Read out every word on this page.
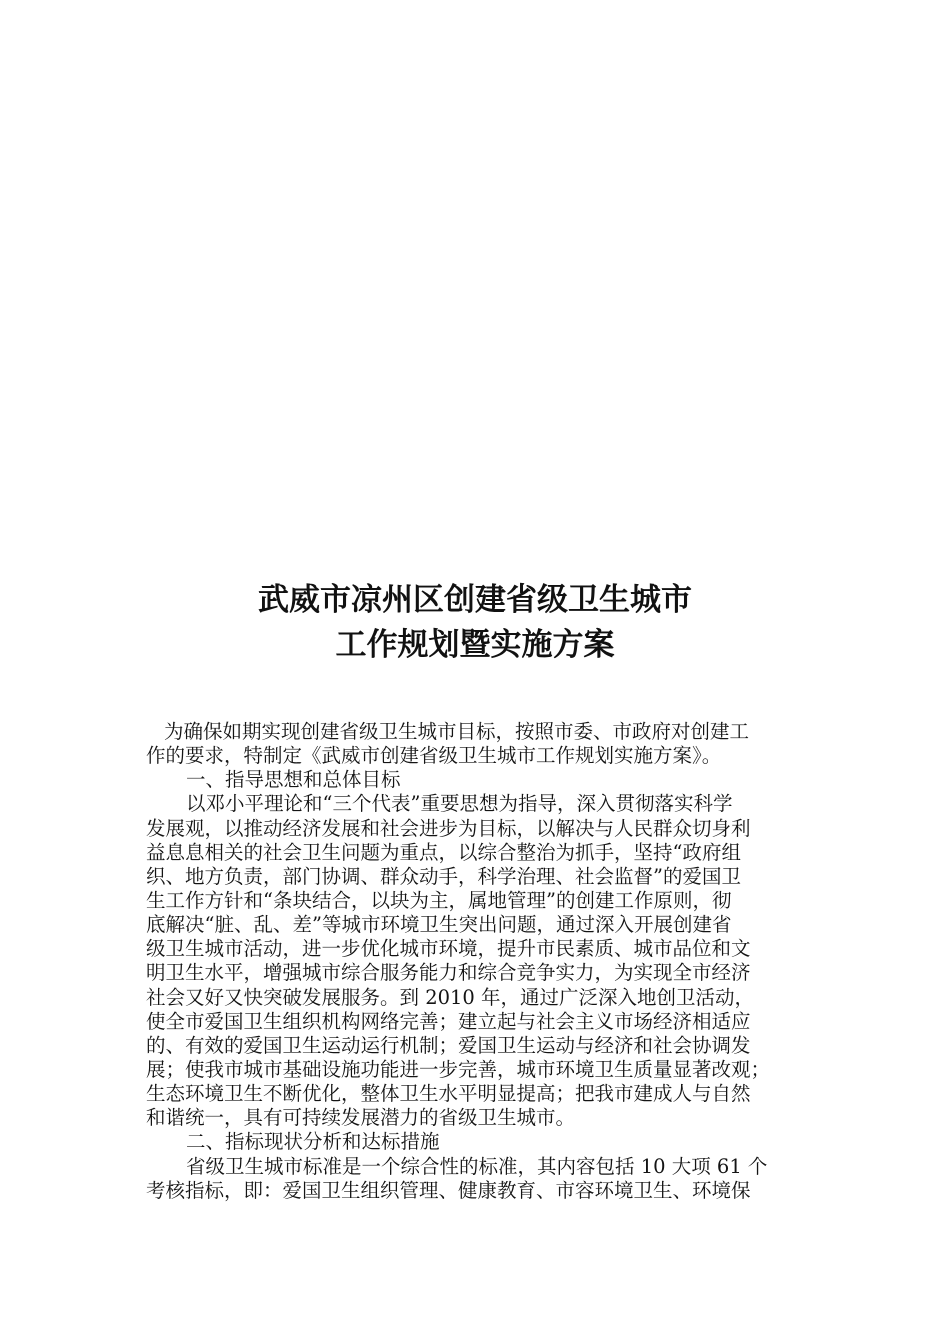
武威市凉州区创建省级卫生城市
工作规划暨实施方案
为确保如期实现创建省级卫生城市目标，按照市委、市政府对创建工
作的要求，特制定《武威市创建省级卫生城市工作规划实施方案》。
一、指导思想和总体目标
以邓小平理论和“三个代表”重要思想为指导，深入贯彻落实科学
发展观，以推动经济发展和社会进步为目标，以解决与人民群众切身利
益息息相关的社会卫生问题为重点，以综合整治为抓手，坚持“政府组
织、地方负责，部门协调、群众动手，科学治理、社会监督”的爱国卫
生工作方针和“条块结合，以块为主，属地管理”的创建工作原则，彻
底解决“脏、乱、差”等城市环境卫生突出问题，通过深入开展创建省
级卫生城市活动，进一步优化城市环境，提升市民素质、城市品位和文
明卫生水平，增强城市综合服务能力和综合竞争实力，为实现全市经济
社会又好又快突破发展服务。到 2010 年，通过广泛深入地创卫活动，
使全市爱国卫生组织机构网络完善；建立起与社会主义市场经济相适应
的、有效的爱国卫生运动运行机制；爱国卫生运动与经济和社会协调发
展；使我市城市基础设施功能进一步完善，城市环境卫生质量显著改观；
生态环境卫生不断优化，整体卫生水平明显提高；把我市建成人与自然
和谐统一，具有可持续发展潜力的省级卫生城市。
二、指标现状分析和达标措施
省级卫生城市标准是一个综合性的标准，其内容包括 10 大项 61 个
考核指标，即：爱国卫生组织管理、健康教育、市容环境卫生、环境保
